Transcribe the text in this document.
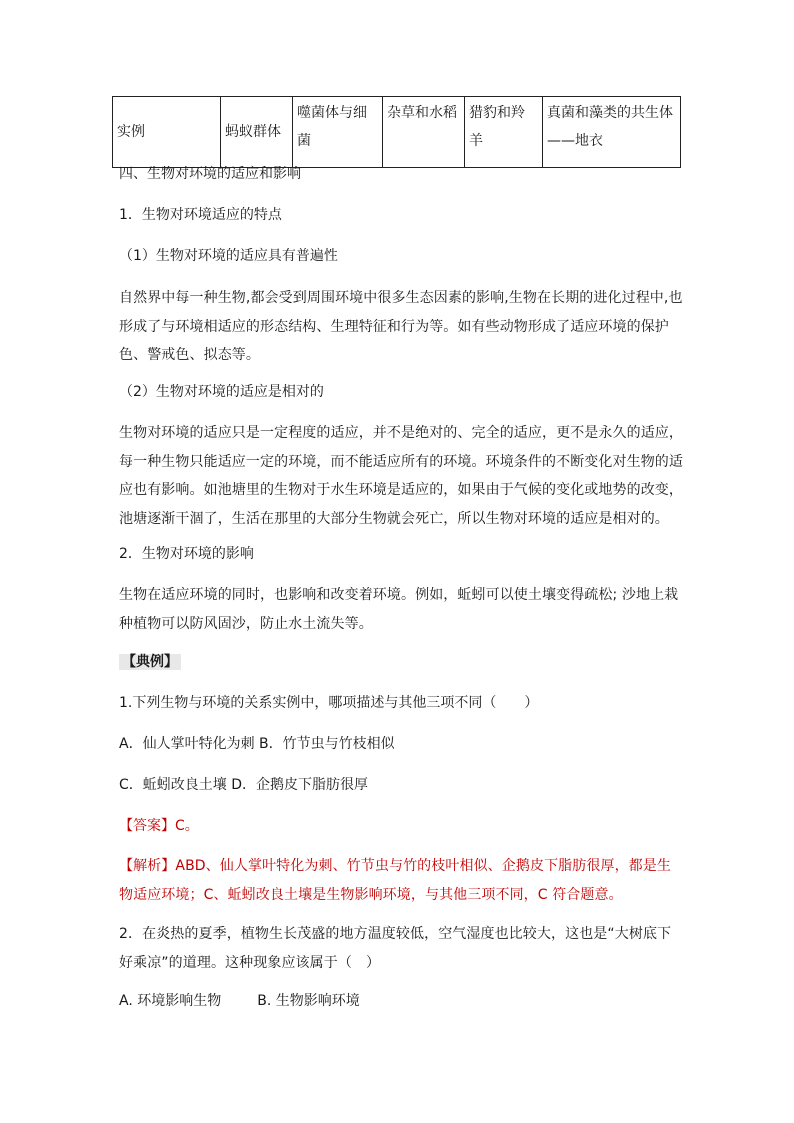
实例	蚂蚁群体	噬菌体与细菌	杂草和水稻	猎豹和羚羊	真菌和藻类的共生体——地衣
四、生物对环境的适应和影响
1．生物对环境适应的特点
（1）生物对环境的适应具有普遍性
自然界中每一种生物,都会受到周围环境中很多生态因素的影响,生物在长期的进化过程中,也形成了与环境相适应的形态结构、生理特征和行为等。如有些动物形成了适应环境的保护色、警戒色、拟态等。
（2）生物对环境的适应是相对的
生物对环境的适应只是一定程度的适应，并不是绝对的、完全的适应，更不是永久的适应，每一种生物只能适应一定的环境，而不能适应所有的环境。环境条件的不断变化对生物的适应也有影响。如池塘里的生物对于水生环境是适应的，如果由于气候的变化或地势的改变，池塘逐渐干涸了，生活在那里的大部分生物就会死亡，所以生物对环境的适应是相对的。
2．生物对环境的影响
生物在适应环境的同时，也影响和改变着环境。例如，蚯蚓可以使土壤变得疏松; 沙地上栽种植物可以防风固沙，防止水土流失等。
【典例】
1.下列生物与环境的关系实例中，哪项描述与其他三项不同（　　）
A．仙人掌叶特化为刺 B．竹节虫与竹枝相似
C．蚯蚓改良土壤 D．企鹅皮下脂肪很厚
【答案】C。
【解析】ABD、仙人掌叶特化为刺、竹节虫与竹的枝叶相似、企鹅皮下脂肪很厚，都是生物适应环境；C、蚯蚓改良土壤是生物影响环境，与其他三项不同，C 符合题意。
2．在炎热的夏季，植物生长茂盛的地方温度较低，空气湿度也比较大，这也是“大树底下好乘凉”的道理。这种现象应该属于（　）
A. 环境影响生物	B. 生物影响环境
